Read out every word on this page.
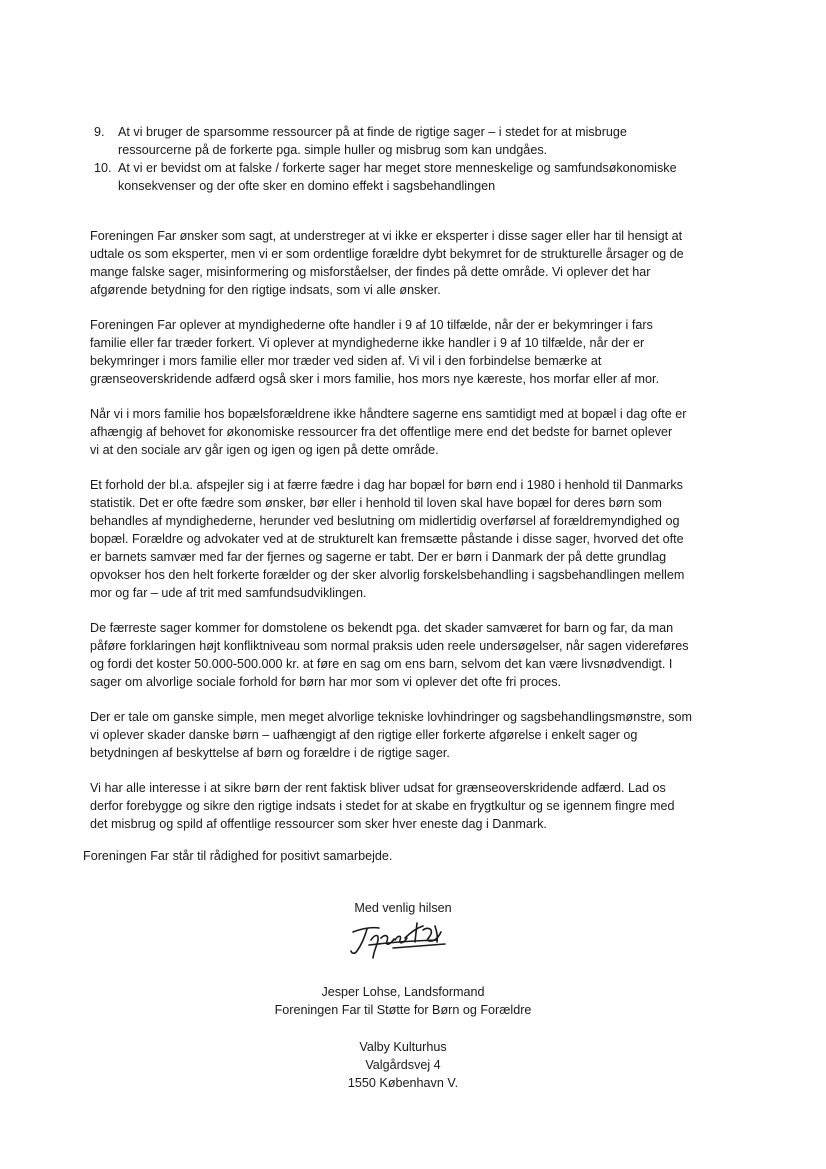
9.	At vi bruger de sparsomme ressourcer på at finde de rigtige sager – i stedet for at misbruge
ressourcerne på de forkerte pga. simple huller og misbrug som kan undgåes.
10. At vi er bevidst om at falske / forkerte sager har meget store menneskelige og samfundsøkonomiske
konsekvenser og der ofte sker en domino effekt i sagsbehandlingen
Foreningen Far ønsker som sagt, at understreger at vi ikke er eksperter i disse sager eller har til hensigt at
udtale os som eksperter, men vi er som ordentlige forældre dybt bekymret for de strukturelle årsager og de
mange falske sager, misinformering og misforståelser, der findes på dette område. Vi oplever det har
afgørende betydning for den rigtige indsats, som vi alle ønsker.
Foreningen Far oplever at myndighederne ofte handler i 9 af 10 tilfælde, når der er bekymringer i fars
familie eller far træder forkert. Vi oplever at myndighederne ikke handler i 9 af 10 tilfælde, når der er
bekymringer i mors familie eller mor træder ved siden af. Vi vil i den forbindelse bemærke at
grænseoverskridende adfærd også sker i mors familie, hos mors nye kæreste, hos morfar eller af mor.
Når vi i mors familie hos bopælsforældrene ikke håndtere sagerne ens samtidigt med at bopæl i dag ofte er
afhængig af behovet for økonomiske ressourcer fra det offentlige mere end det bedste for barnet oplever
vi at den sociale arv går igen og igen og igen på dette område.
Et forhold der bl.a. afspejler sig i at færre fædre i dag har bopæl for børn end i 1980 i henhold til Danmarks
statistik. Det er ofte fædre som ønsker, bør eller i henhold til loven skal have bopæl for deres børn som
behandles af myndighederne, herunder ved beslutning om midlertidig overførsel af forældremyndighed og
bopæl. Forældre og advokater ved at de strukturelt kan fremsætte påstande i disse sager, hvorved det ofte
er barnets samvær med far der fjernes og sagerne er tabt. Der er børn i Danmark der på dette grundlag
opvokser hos den helt forkerte forælder og der sker alvorlig forskelsbehandling i sagsbehandlingen mellem
mor og far – ude af trit med samfundsudviklingen.
De færreste sager kommer for domstolene os bekendt pga. det skader samværet for barn og far, da man
påføre forklaringen højt konfliktniveau som normal praksis uden reele undersøgelser, når sagen videreføres
og fordi det koster 50.000-500.000 kr. at føre en sag om ens barn, selvom det kan være livsnødvendigt. I
sager om alvorlige sociale forhold for børn har mor som vi oplever det ofte fri proces.
Der er tale om ganske simple, men meget alvorlige tekniske lovhindringer og sagsbehandlingsmønstre, som
vi oplever skader danske børn – uafhængigt af den rigtige eller forkerte afgørelse i enkelt sager og
betydningen af beskyttelse af børn og forældre i de rigtige sager.
Vi har alle interesse i at sikre børn der rent faktisk bliver udsat for grænseoverskridende adfærd. Lad os
derfor forebygge og sikre den rigtige indsats i stedet for at skabe en frygtkultur og se igennem fingre med
det misbrug og spild af offentlige ressourcer som sker hver eneste dag i Danmark.
Foreningen Far står til rådighed for positivt samarbejde.
Med venlig hilsen
Jesper Lohse, Landsformand
Foreningen Far til Støtte for Børn og Forældre
Valby Kulturhus
Valgårdsvej 4
1550 København V.
